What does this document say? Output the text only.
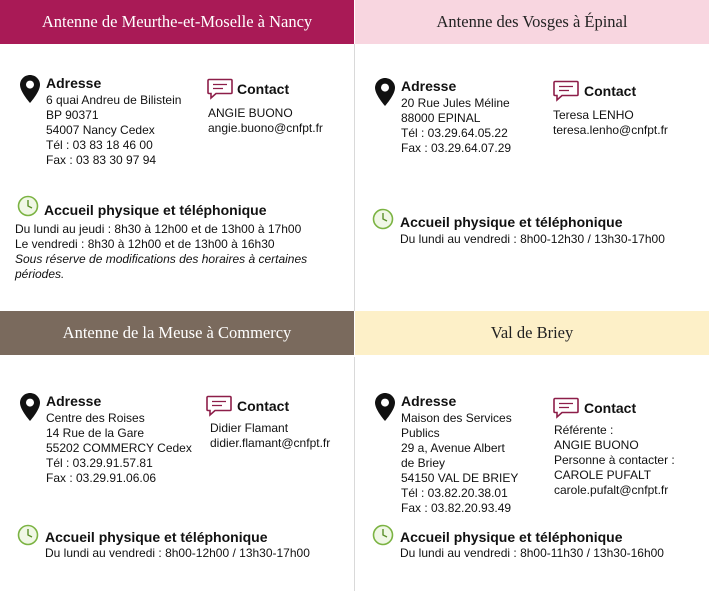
Antenne de Meurthe-et-Moselle à Nancy
Adresse
6 quai Andreu de Bilistein
BP 90371
54007 Nancy Cedex
Tél : 03 83 18 46 00
Fax : 03 83 30 97 94
Contact
ANGIE BUONO
angie.buono@cnfpt.fr
Accueil physique et téléphonique
Du lundi au jeudi : 8h30 à 12h00 et de 13h00 à 17h00
Le vendredi : 8h30 à 12h00 et de 13h00 à 16h30
Sous réserve de modifications des horaires à certaines
périodes.
Antenne des Vosges à Épinal
Adresse
20 Rue Jules Méline
88000 EPINAL
Tél : 03.29.64.05.22
Fax : 03.29.64.07.29
Contact
Teresa LENHO
teresa.lenho@cnfpt.fr
Accueil physique et téléphonique
Du lundi au vendredi : 8h00-12h30 / 13h30-17h00
Antenne de la Meuse à Commercy
Adresse
Centre des Roises
14 Rue de la Gare
55202 COMMERCY Cedex
Tél : 03.29.91.57.81
Fax : 03.29.91.06.06
Contact
Didier Flamant
didier.flamant@cnfpt.fr
Accueil physique et téléphonique
Du lundi au vendredi : 8h00-12h00 / 13h30-17h00
Val de Briey
Adresse
Maison des Services
Publics
29 a, Avenue Albert
de Briey
54150 VAL DE BRIEY
Tél : 03.82.20.38.01
Fax : 03.82.20.93.49
Contact
Référente :
ANGIE BUONO
Personne à contacter :
CAROLE PUFALT
carole.pufalt@cnfpt.fr
Accueil physique et téléphonique
Du lundi au vendredi : 8h00-11h30 / 13h30-16h00
